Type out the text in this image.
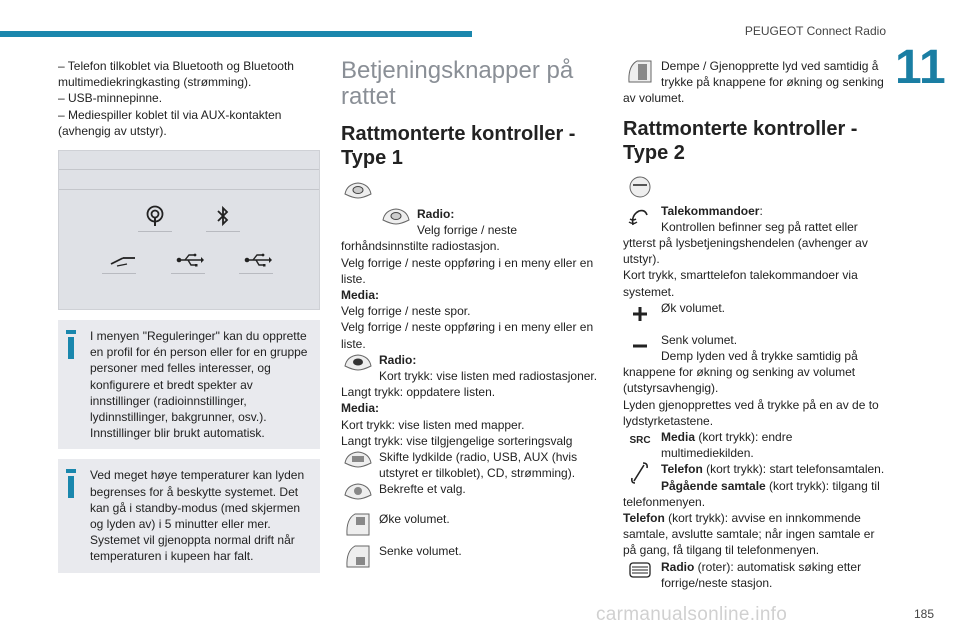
PEUGEOT Connect Radio
11

– Telefon tilkoblet via Bluetooth og Bluetooth multimediekringkasting (strømming).

– USB-minnepinne.

– Mediespiller koblet til via AUX-kontakten (avhengig av utstyr).

I menyen "Reguleringer" kan du opprette en profil for én person eller for en gruppe personer med felles interesser, og konfigurere et bredt spekter av innstillinger (radioinnstillinger, lydinnstillinger, bakgrunner, osv.). Innstillinger blir brukt automatisk.

Ved meget høye temperaturer kan lyden begrenses for å beskytte systemet. Det kan gå i standby-modus (med skjermen og lyden av) i 5 minutter eller mer. Systemet vil gjenoppta normal drift når temperaturen i kupeen har falt.

Betjeningsknapper på rattet
Rattmonterte kontroller - Type 1

Radio:

Velg forrige / neste forhåndsinnstilte radiostasjon.

Velg forrige / neste oppføring i en meny eller en liste.

Media:

Velg forrige / neste spor.

Velg forrige / neste oppføring i en meny eller en liste.

Radio:

Kort trykk: vise listen med radiostasjoner.

Langt trykk: oppdatere listen.

Media:

Kort trykk: vise listen med mapper.

Langt trykk: vise tilgjengelige sorteringsvalg

Skifte lydkilde (radio, USB, AUX (hvis utstyret er tilkoblet), CD, strømming).

Bekrefte et valg.

Øke volumet.

Senke volumet.

Dempe / Gjenopprette lyd ved samtidig å trykke på knappene for økning og senking av volumet.

Rattmonterte kontroller - Type 2

Talekommandoer:

Kontrollen befinner seg på rattet eller ytterst på lysbetjeningshendelen (avhenger av utstyr).

Kort trykk, smarttelefon talekommandoer via systemet.

Øk volumet.

Senk volumet.

Demp lyden ved å trykke samtidig på knappene for økning og senking av volumet (utstyrsavhengig).

Lyden gjenopprettes ved å trykke på en av de to lydstyrketastene.

SRC Media (kort trykk): endre multimediekilden.

Telefon (kort trykk): start telefonsamtalen.

Pågående samtale (kort trykk): tilgang til telefonmenyen.

Telefon (kort trykk): avvise en innkommende samtale, avslutte samtale; når ingen samtale er på gang, få tilgang til telefonmenyen.

Radio (roter): automatisk søking etter forrige/neste stasjon.

carmanualsonline.info	185
